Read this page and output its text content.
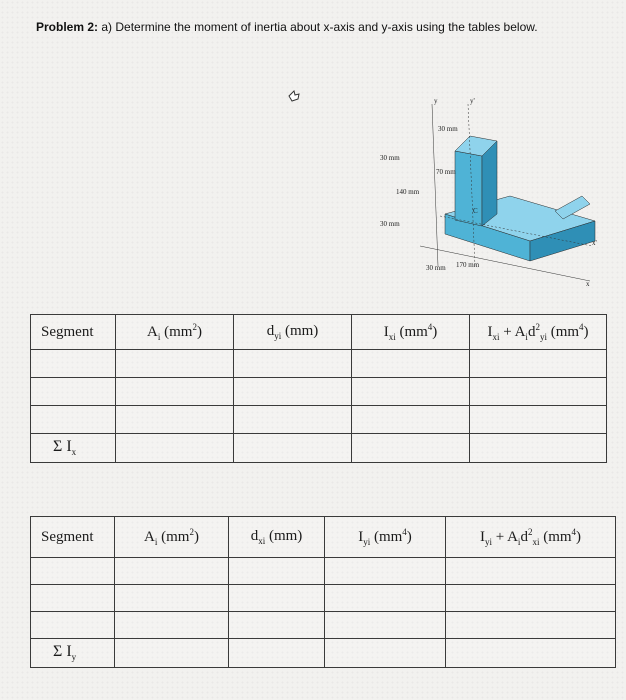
Problem 2: a) Determine the moment of inertia about x-axis and y-axis using the tables below.
30 mm
30 mm
70 mm
140 mm
30 mm
30 mm 170 mm
y	y'
x'
x
C
Segment	$A_i$ $(mm^2)$	$d_{yi}$ (mm)	$I_{xi}$ $(mm^4)$	$I_{xi} + A_id^2_{yi}$ $(mm^4)$

Σ $I_x$				
Segment	$A_i$ $(mm^2)$	$d_{xi}$ (mm)	$I_{yi}$ $(mm^4)$	$I_{yi} + A_id^2_{xi}$ $(mm^4)$

Σ $I_y$				
